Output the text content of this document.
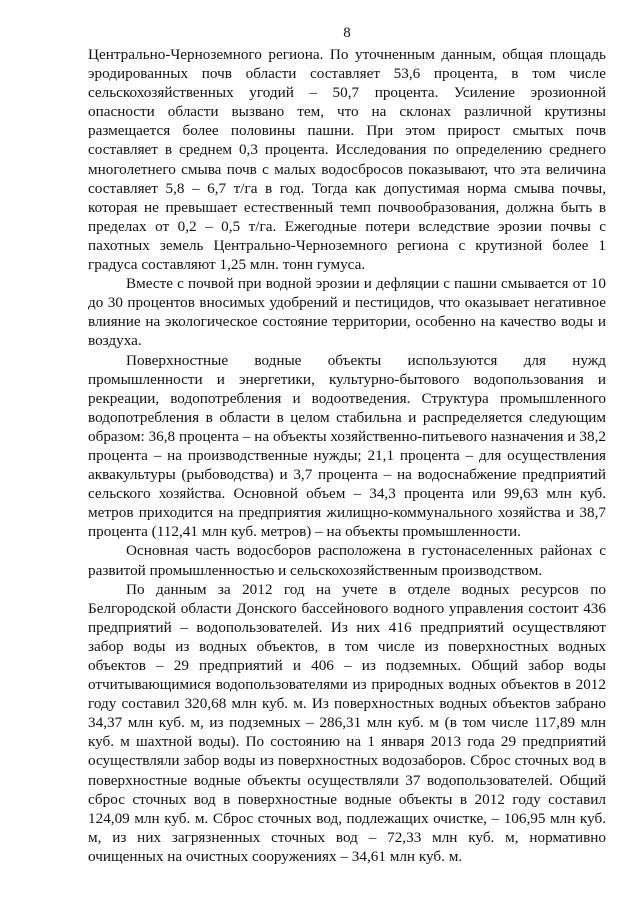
8

Центрально-Черноземного региона. По уточненным данным, общая площадь эродированных почв области составляет 53,6 процента, в том числе сельскохозяйственных угодий – 50,7 процента. Усиление эрозионной опасности области вызвано тем, что на склонах различной крутизны размещается более половины пашни. При этом прирост смытых почв составляет в среднем 0,3 процента. Исследования по определению среднего многолетнего смыва почв с малых водосбросов показывают, что эта величина составляет 5,8 – 6,7 т/га в год. Тогда как допустимая норма смыва почвы, которая не превышает естественный темп почвообразования, должна быть в пределах от 0,2 – 0,5 т/га. Ежегодные потери вследствие эрозии почвы с пахотных земель Центрально-Черноземного региона с крутизной более 1 градуса составляют 1,25 млн. тонн гумуса.

Вместе с почвой при водной эрозии и дефляции с пашни смывается от 10 до 30 процентов вносимых удобрений и пестицидов, что оказывает негативное влияние на экологическое состояние территории, особенно на качество воды и воздуха.

Поверхностные водные объекты используются для нужд промышленности и энергетики, культурно-бытового водопользования и рекреации, водопотребления и водоотведения. Структура промышленного водопотребления в области в целом стабильна и распределяется следующим образом: 36,8 процента – на объекты хозяйственно-питьевого назначения и 38,2 процента – на производственные нужды; 21,1 процента – для осуществления аквакультуры (рыбоводства) и 3,7 процента – на водоснабжение предприятий сельского хозяйства. Основной объем – 34,3 процента или 99,63 млн куб. метров приходится на предприятия жилищно-коммунального хозяйства и 38,7 процента (112,41 млн куб. метров) – на объекты промышленности.

Основная часть водосборов расположена в густонаселенных районах с развитой промышленностью и сельскохозяйственным производством.

По данным за 2012 год на учете в отделе водных ресурсов по Белгородской области Донского бассейнового водного управления состоит 436 предприятий – водопользователей. Из них 416 предприятий осуществляют забор воды из водных объектов, в том числе из поверхностных водных объектов – 29 предприятий и 406 – из подземных. Общий забор воды отчитывающимися водопользователями из природных водных объектов в 2012 году составил 320,68 млн куб. м. Из поверхностных водных объектов забрано 34,37 млн куб. м, из подземных – 286,31 млн куб. м (в том числе 117,89 млн куб. м шахтной воды). По состоянию на 1 января 2013 года 29 предприятий осуществляли забор воды из поверхностных водозаборов. Сброс сточных вод в поверхностные водные объекты осуществляли 37 водопользователей. Общий сброс сточных вод в поверхностные водные объекты в 2012 году составил 124,09 млн куб. м. Сброс сточных вод, подлежащих очистке, – 106,95 млн куб. м, из них загрязненных сточных вод – 72,33 млн куб. м, нормативно очищенных на очистных сооружениях – 34,61 млн куб. м.
